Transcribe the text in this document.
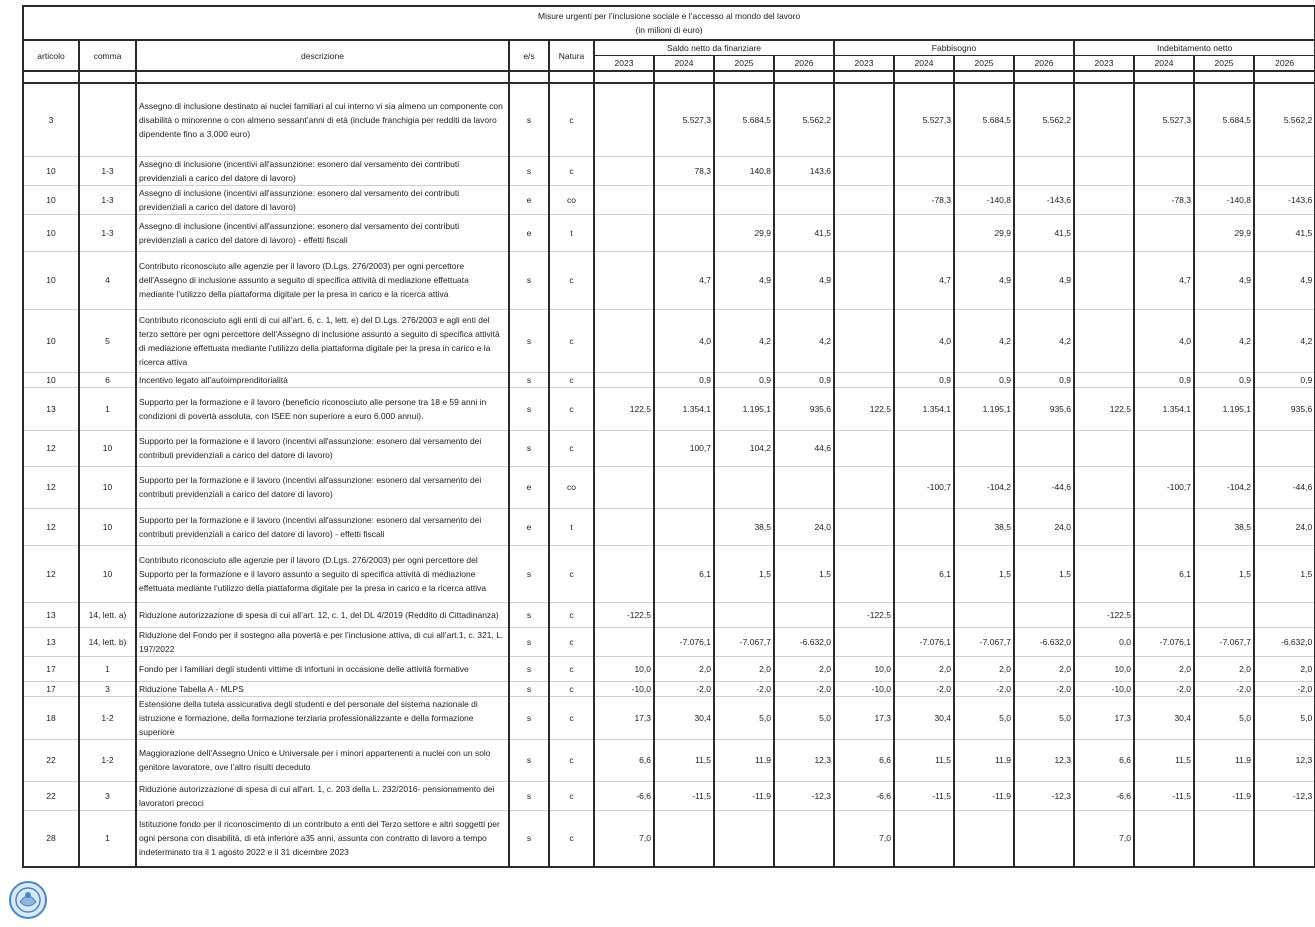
Misure urgenti per l’inclusione sociale e l’accesso al mondo del lavoro
(in milioni di euro)																

articolo	comma	descrizione	e/s	Natura	Saldo netto da finanziare				Fabbisogno				Indebitamento netto			
					2023	2024	2025	2026	2023	2024	2025	2026	2023	2024	2025	2026

3		Assegno di inclusione destinato ai nuclei familiari al cui interno vi sia almeno un componente con disabilità o minorenne o con almeno sessant’anni di età (include franchigia per redditi da lavoro dipendente fino a 3.000 euro)	s	c		5.527,3	5.684,5	5.562,2		5.527,3	5.684,5	5.562,2		5.527,3	5.684,5	5.562,2
10	1-3	Assegno di inclusione (incentivi all'assunzione: esonero dal versamento dei contributi previdenziali a carico del datore di lavoro)	s	c		78,3	140,8	143,6								
10	1-3	Assegno di inclusione (incentivi all'assunzione: esonero dal versamento dei contributi previdenziali a carico del datore di lavoro)	e	co						-78,3	-140,8	-143,6		-78,3	-140,8	-143,6
10	1-3	Assegno di inclusione (incentivi all'assunzione: esonero dal versamento dei contributi previdenziali a carico del datore di lavoro) - effetti fiscali	e	t			29,9	41,5			29,9	41,5			29,9	41,5
10	4	Contributo riconosciuto alle agenzie per il lavoro (D.Lgs. 276/2003) per ogni percettore dell'Assegno di inclusione assunto a seguito di specifica attività di mediazione effettuata mediante l’utilizzo della piattaforma digitale per la presa in carico e la ricerca attiva	s	c		4,7	4,9	4,9		4,7	4,9	4,9		4,7	4,9	4,9
10	5	Contributo riconosciuto agli enti di cui all’art. 6, c. 1, lett. e) del D.Lgs. 276/2003 e agli enti del terzo settore per ogni percettore dell'Assegno di inclusione assunto a seguito di specifica attività di mediazione effettuata mediante l’utilizzo della piattaforma digitale per la presa in carico e la ricerca attiva	s	c		4,0	4,2	4,2		4,0	4,2	4,2		4,0	4,2	4,2
10	6	Incentivo legato all’autoimprenditorialità	s	c		0,9	0,9	0,9		0,9	0,9	0,9		0,9	0,9	0,9
13	1	Supporto per la formazione e il lavoro (beneficio riconosciuto alle persone tra 18 e 59 anni in condizioni di povertà assoluta, con ISEE non superiore a euro 6.000 annui).	s	c	122,5	1.354,1	1.195,1	935,6	122,5	1.354,1	1.195,1	935,6	122,5	1.354,1	1.195,1	935,6
12	10	Supporto per la formazione e il lavoro (incentivi all'assunzione: esonero dal versamento dei contributi previdenziali a carico del datore di lavoro)	s	c		100,7	104,2	44,6								
12	10	Supporto per la formazione e il lavoro (incentivi all'assunzione: esonero dal versamento dei contributi previdenziali a carico del datore di lavoro)	e	co						-100,7	-104,2	-44,6		-100,7	-104,2	-44,6
12	10	Supporto per la formazione e il lavoro (incentivi all'assunzione: esonero dal versamento dei contributi previdenziali a carico del datore di lavoro) - effetti fiscali	e	t			38,5	24,0			38,5	24,0			38,5	24,0
12	10	Contributo riconosciuto alle agenzie per il lavoro (D.Lgs. 276/2003) per ogni percettore del Supporto per la formazione e il lavoro assunto a seguito di specifica attività di mediazione effettuata mediante l’utilizzo della piattaforma digitale per la presa in carico e la ricerca attiva	s	c		6,1	1,5	1,5		6,1	1,5	1,5		6,1	1,5	1,5
13	14, lett. a)	Riduzione autorizzazione di spesa di cui all’art. 12, c. 1, del DL 4/2019 (Reddito di Cittadinanza)	s	c	-122,5				-122,5				-122,5			
13	14, lett. b)	Riduzione del Fondo per il sostegno alla povertà e per l’inclusione attiva, di cui all’art.1, c. 321, L. 197/2022	s	c		-7.076,1	-7.067,7	-6.632,0		-7.076,1	-7.067,7	-6.632,0	0,0	-7.076,1	-7.067,7	-6.632,0
17	1	Fondo per i familiari degli studenti vittime di infortuni in occasione delle attività formative	s	c	10,0	2,0	2,0	2,0	10,0	2,0	2,0	2,0	10,0	2,0	2,0	2,0
17	3	Riduzione Tabella A - MLPS	s	c	-10,0	-2,0	-2,0	-2,0	-10,0	-2,0	-2,0	-2,0	-10,0	-2,0	-2,0	-2,0
18	1-2	Estensione della tutela assicurativa degli studenti e del personale del sistema nazionale di istruzione e formazione, della formazione terziaria professionalizzante e della formazione superiore	s	c	17,3	30,4	5,0	5,0	17,3	30,4	5,0	5,0	17,3	30,4	5,0	5,0
22	1-2	Maggiorazione dell’Assegno Unico e Universale per i minori appartenenti a nuclei con un solo genitore lavoratore, ove l’altro risulti deceduto	s	c	6,6	11,5	11,9	12,3	6,6	11,5	11,9	12,3	6,6	11,5	11,9	12,3
22	3	Riduzione autorizzazione di spesa di cui all'art. 1, c. 203 della L. 232/2016- pensionamento dei lavoratori precoci	s	c	-6,6	-11,5	-11,9	-12,3	-6,6	-11,5	-11,9	-12,3	-6,6	-11,5	-11,9	-12,3
28	1	Istituzione fondo per il riconoscimento di un contributo a enti del Terzo settore e altri soggetti per ogni persona con disabilità, di età inferiore a35 anni, assunta con contratto di lavoro a tempo indeterminato tra il 1 agosto 2022 e il 31 dicembre 2023	s	c	7,0				7,0				7,0			
